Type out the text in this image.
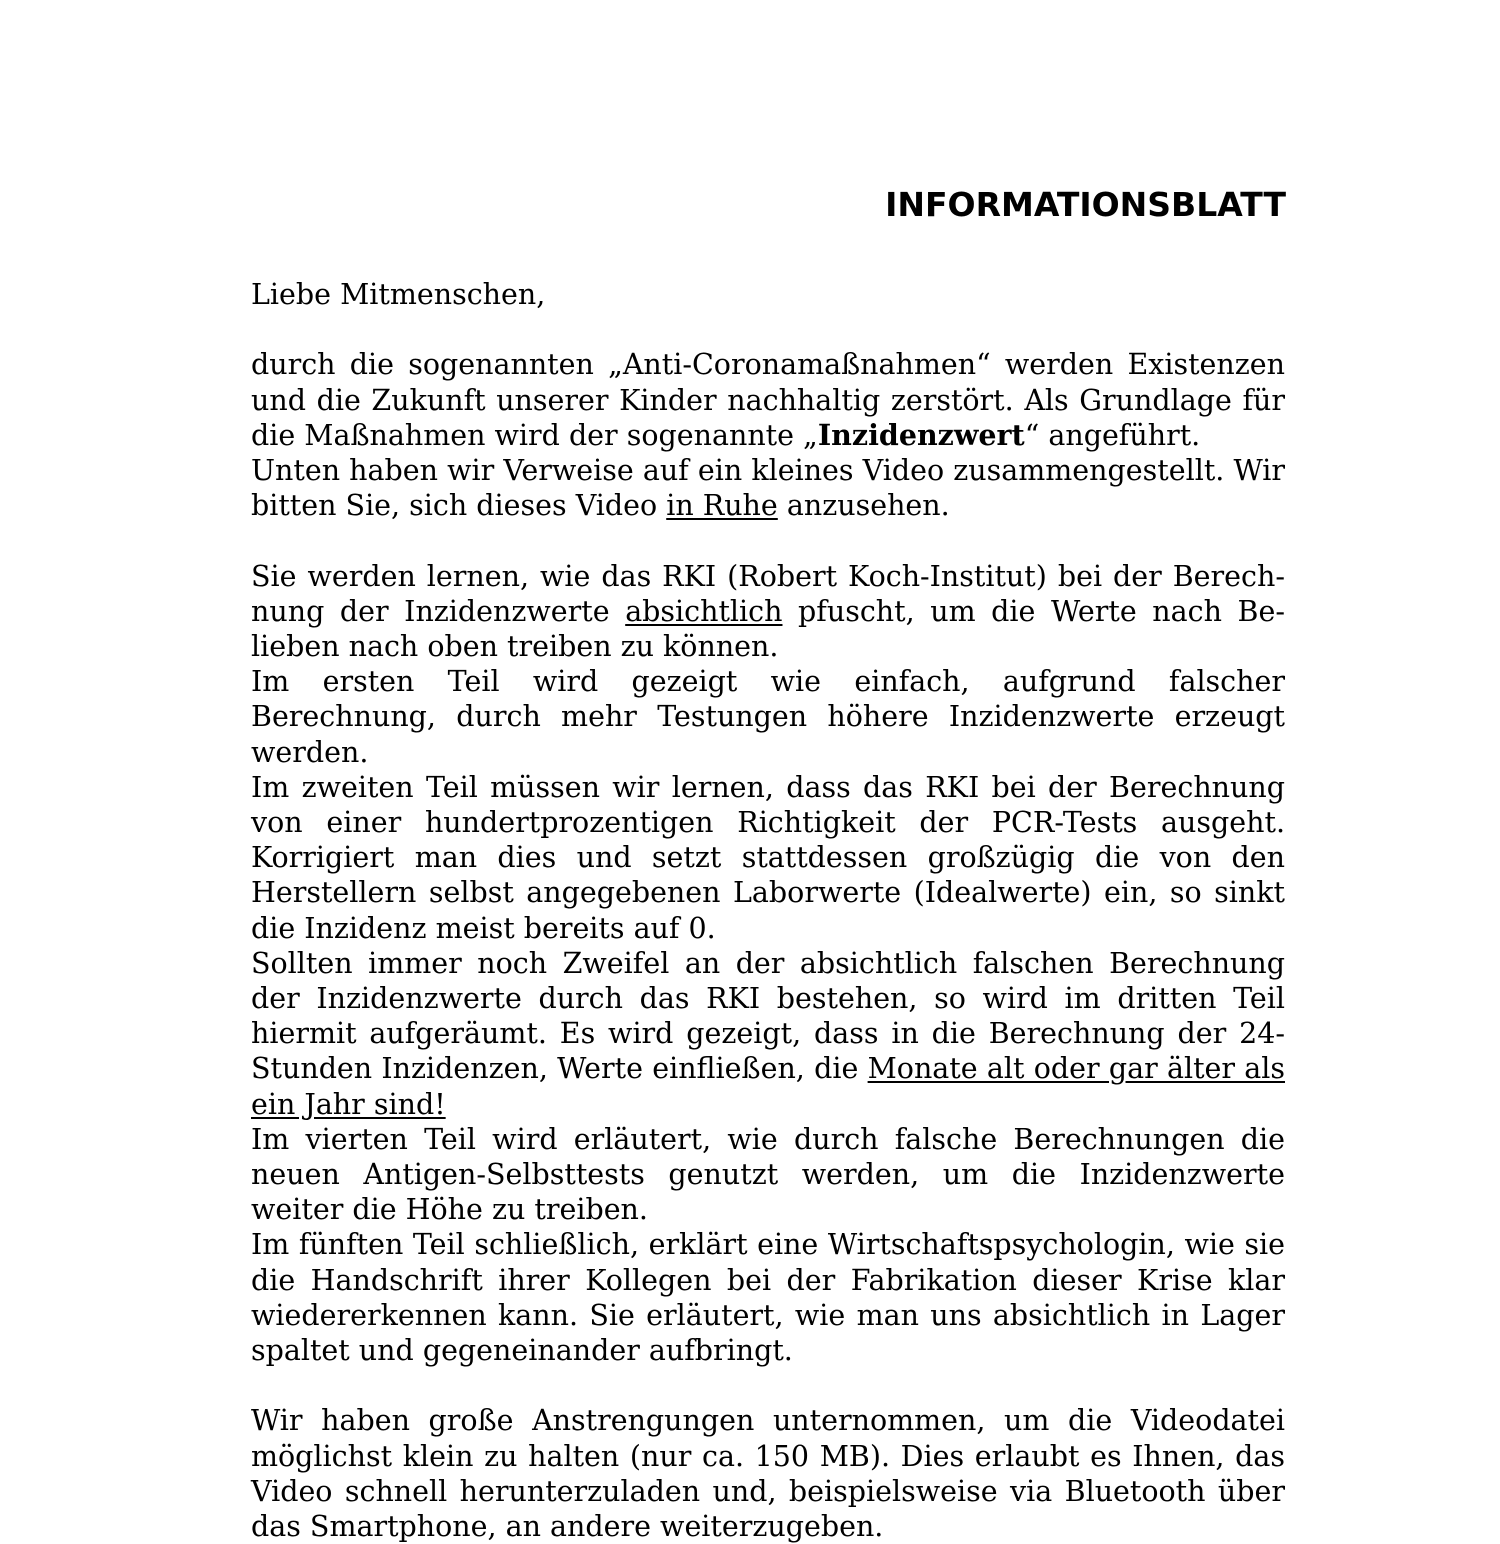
INFORMATIONSBLATT

Liebe Mitmenschen,

durch die sogenannten „Anti-Coronamaßnahmen“ werden Existenzen und die Zukunft unserer Kinder nachhaltig zerstört. Als Grundlage für die Maßnahmen wird der sogenannte „Inzidenzwert“ angeführt.

Unten haben wir Verweise auf ein kleines Video zusammengestellt. Wir bitten Sie, sich dieses Video in Ruhe anzusehen.

Sie werden lernen, wie das RKI (Robert Koch-Institut) bei der Berechnung der Inzidenzwerte absichtlich pfuscht, um die Werte nach Belieben nach oben treiben zu können.

Im ersten Teil wird gezeigt wie einfach, aufgrund falscher Berechnung, durch mehr Testungen höhere Inzidenzwerte erzeugt werden.

Im zweiten Teil müssen wir lernen, dass das RKI bei der Berechnung von einer hundertprozentigen Richtigkeit der PCR-Tests ausgeht. Korrigiert man dies und setzt stattdessen großzügig die von den Herstellern selbst angegebenen Laborwerte (Idealwerte) ein, so sinkt die Inzidenz meist bereits auf 0.

Sollten immer noch Zweifel an der absichtlich falschen Berechnung der Inzidenzwerte durch das RKI bestehen, so wird im dritten Teil hiermit aufgeräumt. Es wird gezeigt, dass in die Berechnung der 24-Stunden Inzidenzen, Werte einfließen, die Monate alt oder gar älter als ein Jahr sind!

Im vierten Teil wird erläutert, wie durch falsche Berechnungen die neuen Antigen-Selbsttests genutzt werden, um die Inzidenzwerte weiter die Höhe zu treiben.

Im fünften Teil schließlich, erklärt eine Wirtschaftspsychologin, wie sie die Handschrift ihrer Kollegen bei der Fabrikation dieser Krise klar wiedererkennen kann. Sie erläutert, wie man uns absichtlich in Lager spaltet und gegeneinander aufbringt.

Wir haben große Anstrengungen unternommen, um die Videodatei möglichst klein zu halten (nur ca. 150 MB). Dies erlaubt es Ihnen, das Video schnell herunterzuladen und, beispielsweise via Bluetooth über das Smartphone, an andere weiterzugeben.
